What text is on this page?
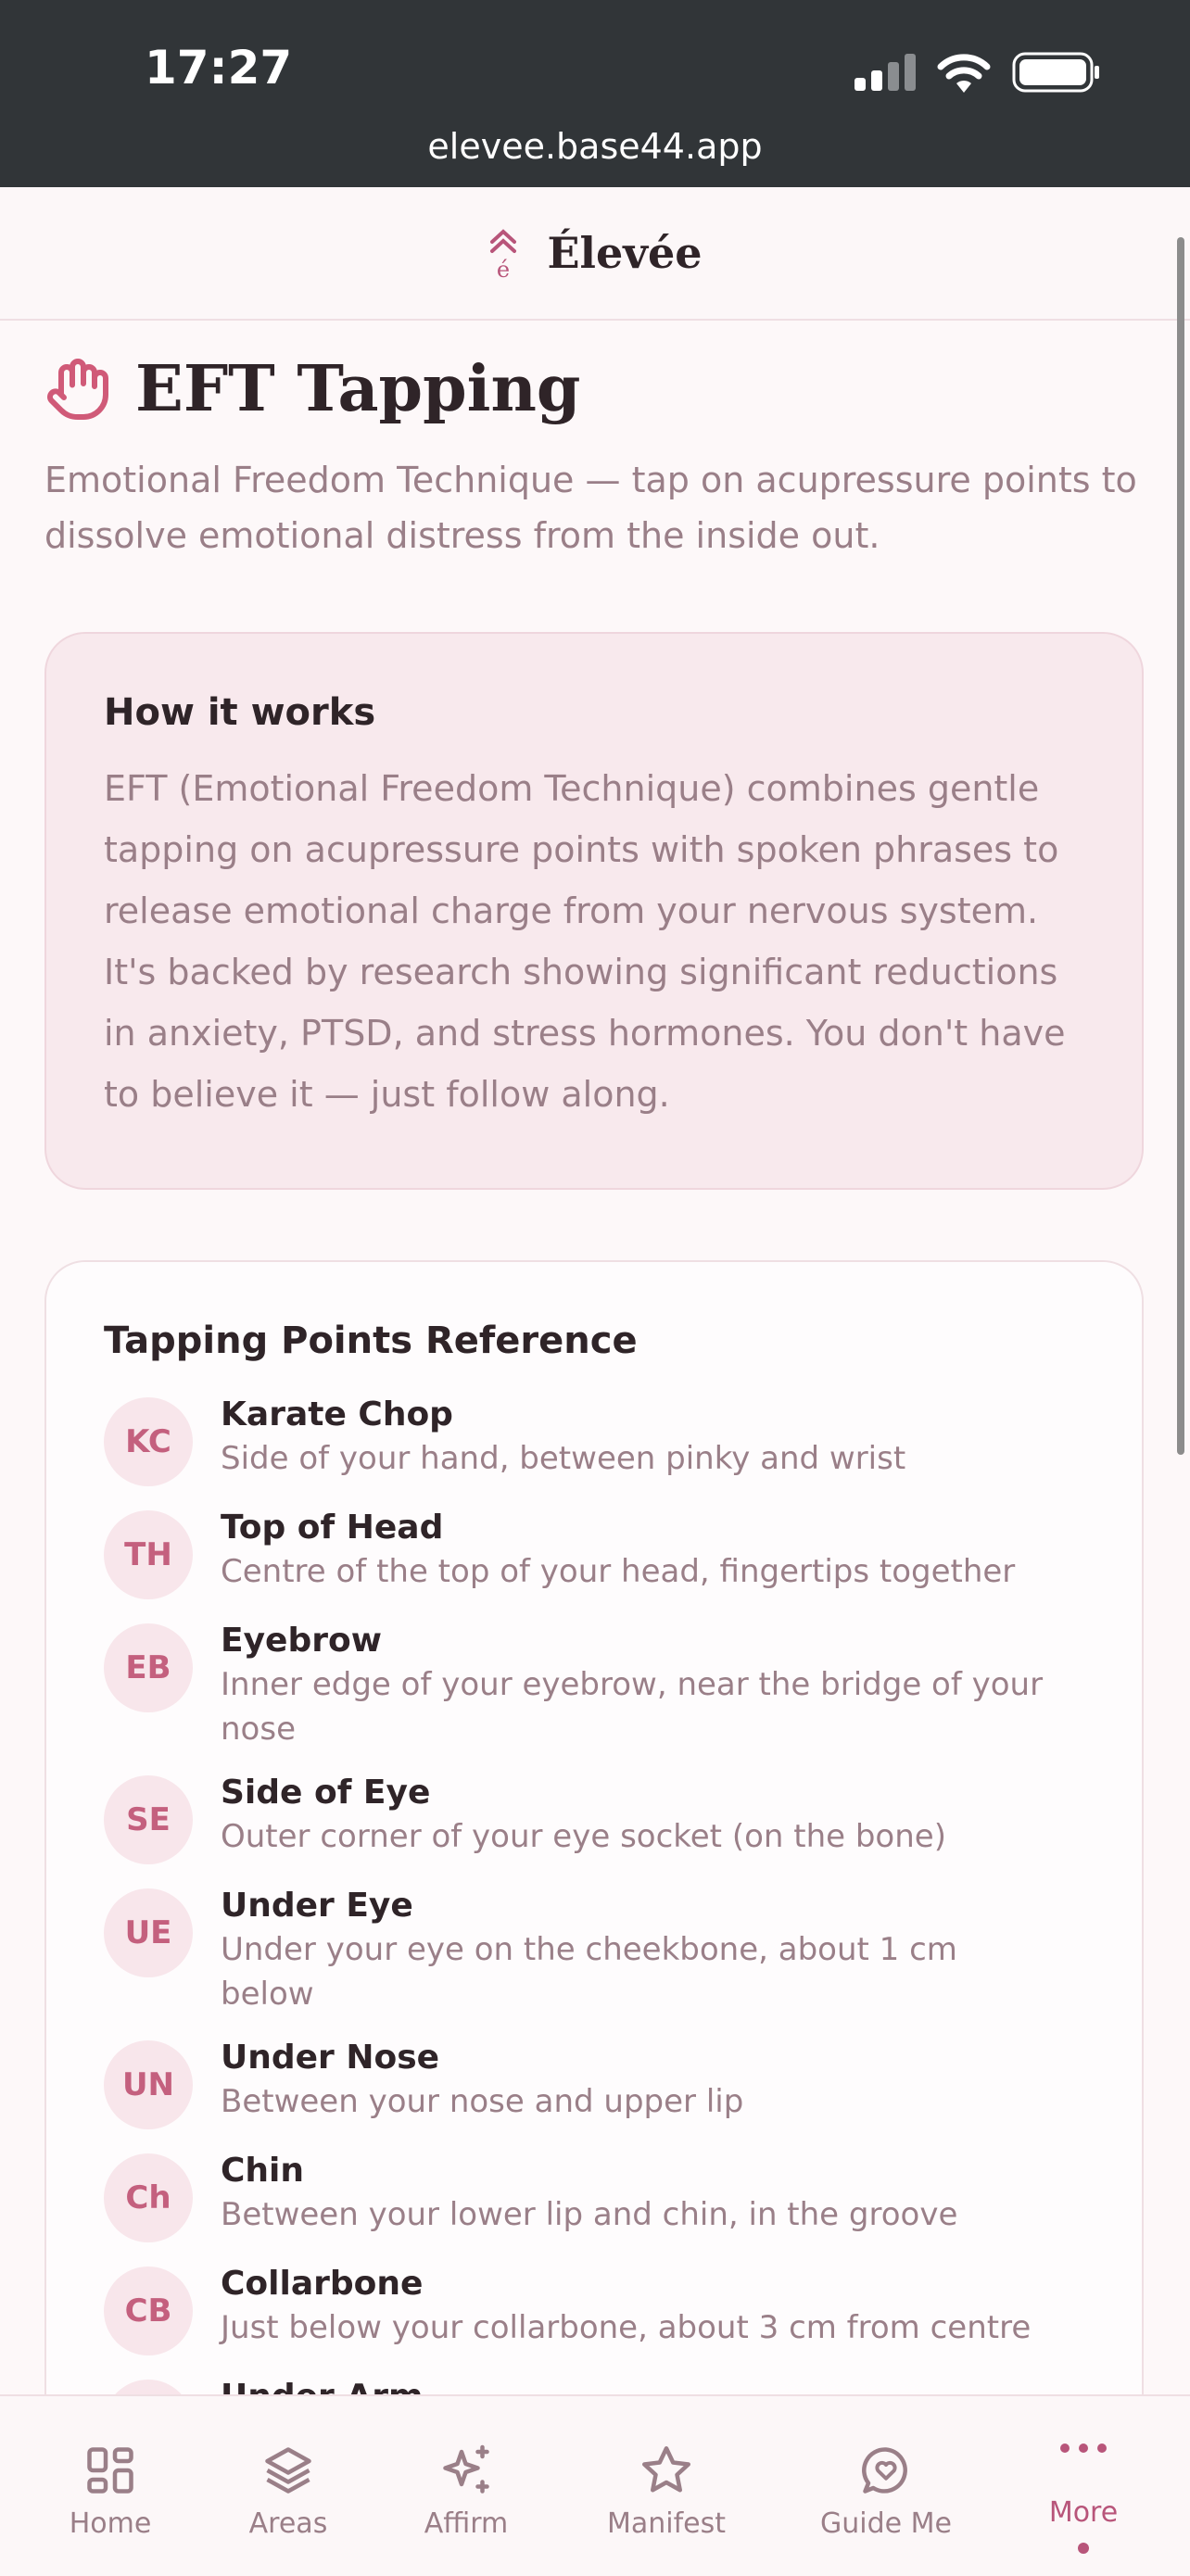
17:27
elevee.base44.app
é Élevée
EFT Tapping
Emotional Freedom Technique — tap on acupressure points to dissolve emotional distress from the inside out.
How it works
EFT (Emotional Freedom Technique) combines gentle tapping on acupressure points with spoken phrases to release emotional charge from your nervous system. It's backed by research showing significant reductions in anxiety, PTSD, and stress hormones. You don't have to believe it — just follow along.
Tapping Points Reference
KC
Karate Chop
Side of your hand, between pinky and wrist
TH
Top of Head
Centre of the top of your head, fingertips together
EB
Eyebrow
Inner edge of your eyebrow, near the bridge of your nose
SE
Side of Eye
Outer corner of your eye socket (on the bone)
UE
Under Eye
Under your eye on the cheekbone, about 1 cm below
UN
Under Nose
Between your nose and upper lip
Ch
Chin
Between your lower lip and chin, in the groove
CB
Collarbone
Just below your collarbone, about 3 cm from centre
Home	Areas	Affirm	Manifest	Guide Me	More
